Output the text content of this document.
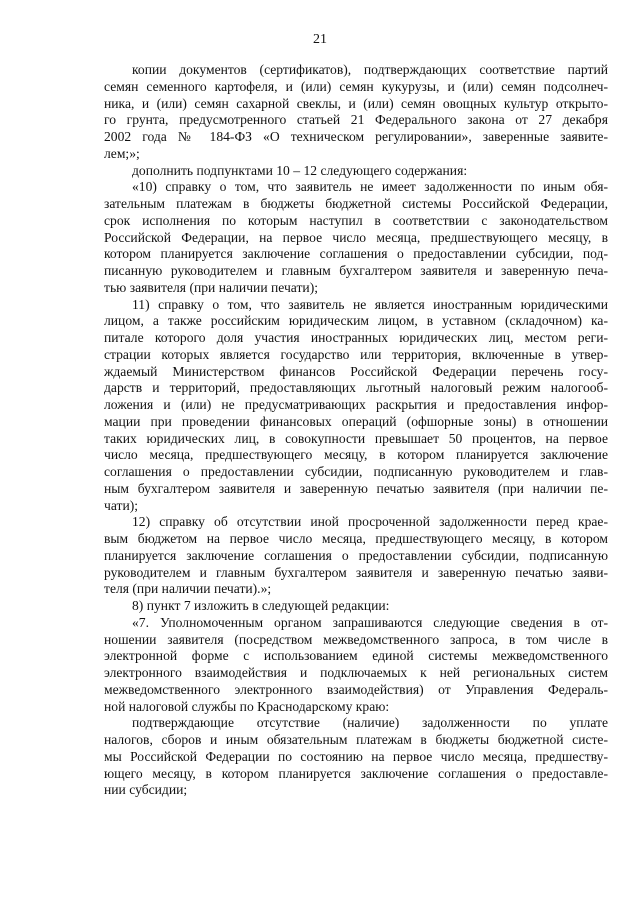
21
копии документов (сертификатов), подтверждающих соответствие партий
семян семенного картофеля, и (или) семян кукурузы, и (или) семян подсолнеч-
ника, и (или) семян сахарной свеклы, и (или) семян овощных культур открыто-
го грунта, предусмотренного статьей 21 Федерального закона от 27 декабря
2002 года № 184-ФЗ «О техническом регулировании», заверенные заявите-
лем;»;
дополнить подпунктами 10 – 12 следующего содержания:
«10) справку о том, что заявитель не имеет задолженности по иным обя-
зательным платежам в бюджеты бюджетной системы Российской Федерации,
срок исполнения по которым наступил в соответствии с законодательством
Российской Федерации, на первое число месяца, предшествующего месяцу, в
котором планируется заключение соглашения о предоставлении субсидии, под-
писанную руководителем и главным бухгалтером заявителя и заверенную печа-
тью заявителя (при наличии печати);
11) справку о том, что заявитель не является иностранным юридическими
лицом, а также российским юридическим лицом, в уставном (складочном) ка-
питале которого доля участия иностранных юридических лиц, местом реги-
страции которых является государство или территория, включенные в утвер-
ждаемый Министерством финансов Российской Федерации перечень госу-
дарств и территорий, предоставляющих льготный налоговый режим налогооб-
ложения и (или) не предусматривающих раскрытия и предоставления инфор-
мации при проведении финансовых операций (офшорные зоны) в отношении
таких юридических лиц, в совокупности превышает 50 процентов, на первое
число месяца, предшествующего месяцу, в котором планируется заключение
соглашения о предоставлении субсидии, подписанную руководителем и глав-
ным бухгалтером заявителя и заверенную печатью заявителя (при наличии пе-
чати);
12) справку об отсутствии иной просроченной задолженности перед крае-
вым бюджетом на первое число месяца, предшествующего месяцу, в котором
планируется заключение соглашения о предоставлении субсидии, подписанную
руководителем и главным бухгалтером заявителя и заверенную печатью заяви-
теля (при наличии печати).»;
8) пункт 7 изложить в следующей редакции:
«7. Уполномоченным органом запрашиваются следующие сведения в от-
ношении заявителя (посредством межведомственного запроса, в том числе в
электронной форме с использованием единой системы межведомственного
электронного взаимодействия и подключаемых к ней региональных систем
межведомственного электронного взаимодействия) от Управления Федераль-
ной налоговой службы по Краснодарскому краю:
подтверждающие отсутствие (наличие) задолженности по уплате
налогов, сборов и иным обязательным платежам в бюджеты бюджетной систе-
мы Российской Федерации по состоянию на первое число месяца, предшеству-
ющего месяцу, в котором планируется заключение соглашения о предоставле-
нии субсидии;
